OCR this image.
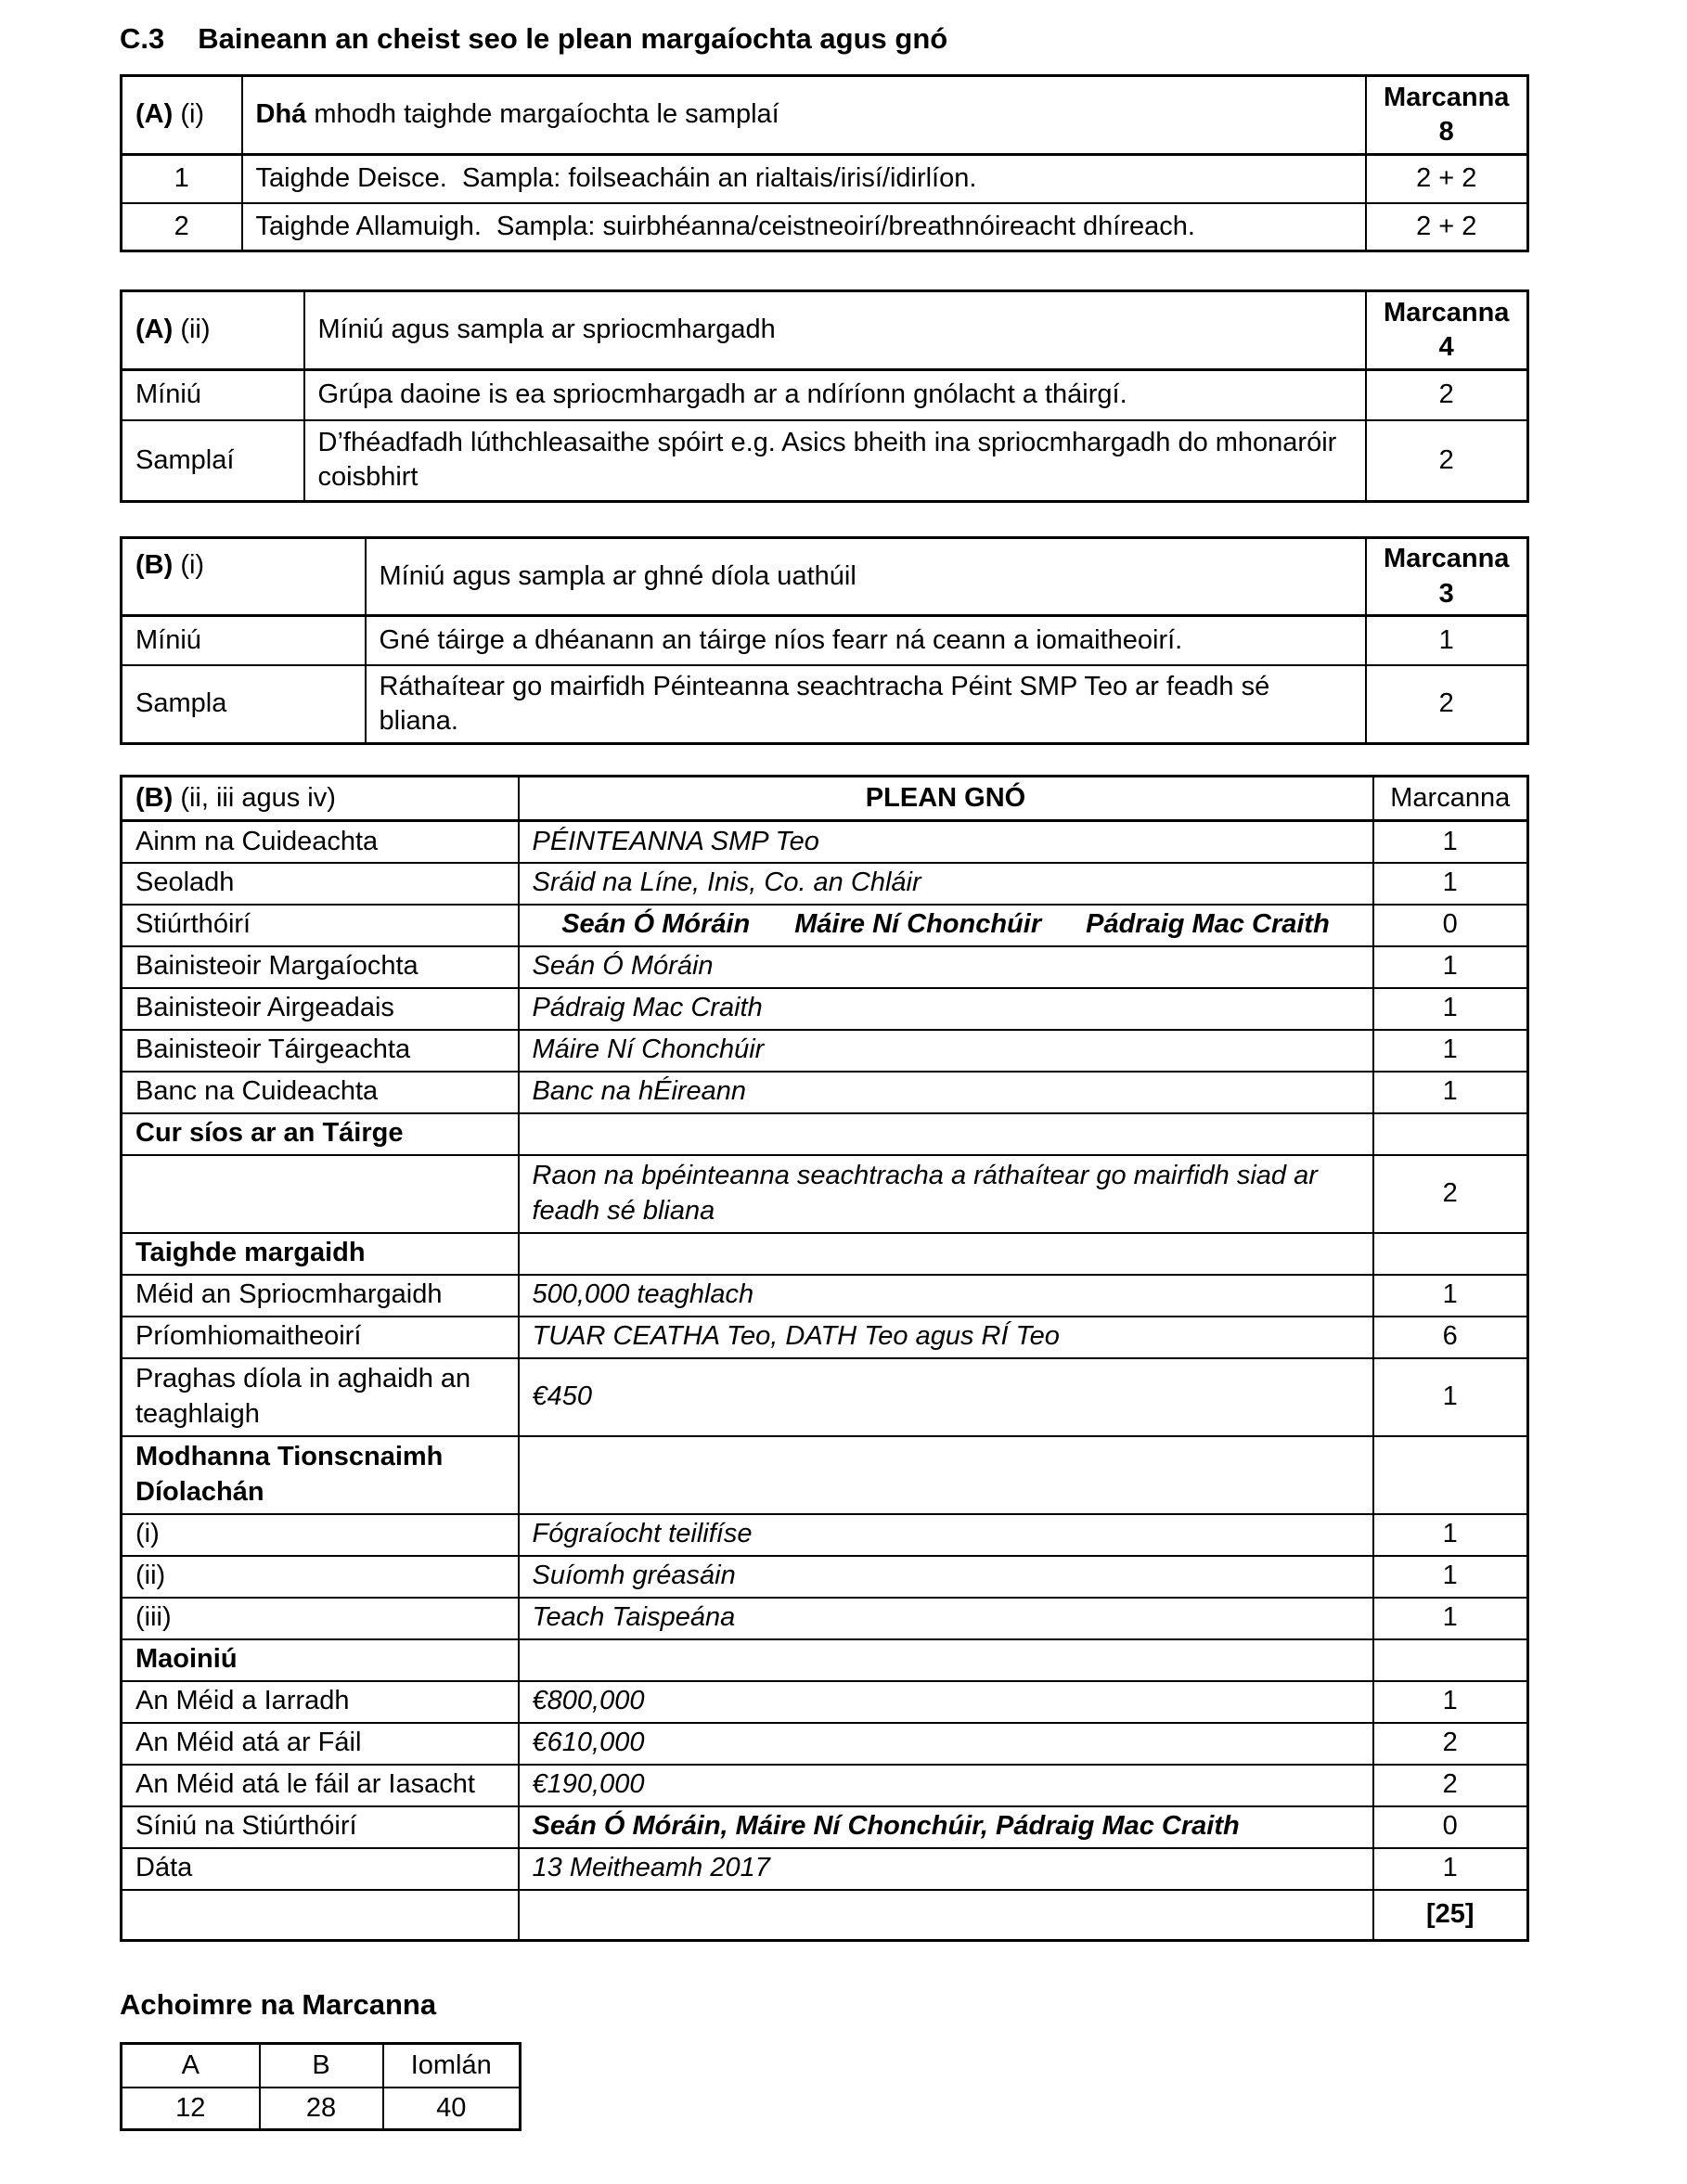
C.3 Baineann an cheist seo le plean margaíochta agus gnó
(A) (i)	Dhá mhodh taighde margaíochta le samplaí	Marcanna
8

1	Taighde Deisce.  Sampla: foilseacháin an rialtais/irisí/idirlíon.	2 + 2
2	Taighde Allamuigh.  Sampla: suirbhéanna/ceistneoirí/breathnóireacht dhíreach.	2 + 2
(A) (ii)	Míniú agus sampla ar spriocmhargadh	Marcanna
4

Míniú	Grúpa daoine is ea spriocmhargadh ar a ndíríonn gnólacht a tháirgí.	2
Samplaí	D’fhéadfadh lúthchleasaithe spóirt e.g. Asics bheith ina spriocmhargadh do mhonaróir coisbhirt	2
(B) (i)	Míniú agus sampla ar ghné díola uathúil	Marcanna
3

Míniú	Gné táirge a dhéanann an táirge níos fearr ná ceann a iomaitheoirí.	1
Sampla	Ráthaítear go mairfidh Péinteanna seachtracha Péint SMP Teo ar feadh sé bliana.	2
(B) (ii, iii agus iv)	PLEAN GNÓ	Marcanna
Ainm na Cuideachta	PÉINTEANNA SMP Teo	1
Seoladh	Sráid na Líne, Inis, Co. an Chláir	1
Stiúrthóirí	Seán Ó Móráin Máire Ní Chonchúir Pádraig Mac Craith	0
Bainisteoir Margaíochta	Seán Ó Móráin	1
Bainisteoir Airgeadais	Pádraig Mac Craith	1
Bainisteoir Táirgeachta	Máire Ní Chonchúir	1
Banc na Cuideachta	Banc na hÉireann	1
Cur síos ar an Táirge		
	Raon na bpéinteanna seachtracha a ráthaítear go mairfidh siad ar feadh sé bliana	2
Taighde margaidh		
Méid an Spriocmhargaidh	500,000 teaghlach	1
Príomhiomaitheoirí	TUAR CEATHA Teo, DATH Teo agus RÍ Teo	6
Praghas díola in aghaidh an teaghlaigh	€450	1
Modhanna Tionscnaimh Díolachán		
(i)	Fógraíocht teilifíse	1
(ii)	Suíomh gréasáin	1
(iii)	Teach Taispeána	1
Maoiniú		
An Méid a Iarradh	€800,000	1
An Méid atá ar Fáil	€610,000	2
An Méid atá le fáil ar Iasacht	€190,000	2
Síniú na Stiúrthóirí	Seán Ó Móráin, Máire Ní Chonchúir, Pádraig Mac Craith	0
Dáta	13 Meitheamh 2017	1
		[25]
Achoimre na Marcanna
A	B	Iomlán
12	28	40
